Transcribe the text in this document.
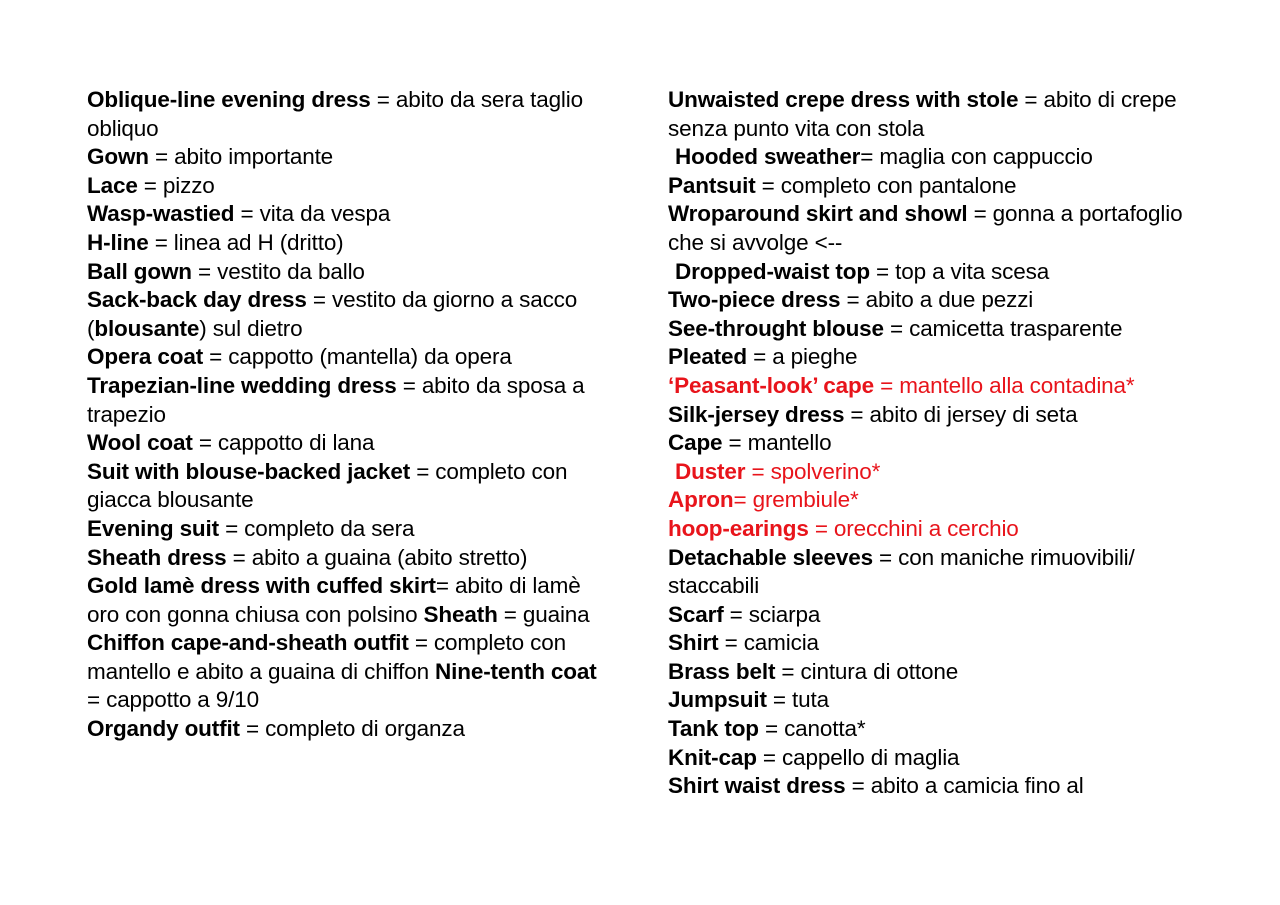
Oblique-line evening dress = abito da sera taglio obliquo

Gown = abito importante

Lace = pizzo

Wasp-wastied = vita da vespa

H-line = linea ad H (dritto)

Ball gown = vestito da ballo

Sack-back day dress = vestito da giorno a sacco (blousante) sul dietro

Opera coat = cappotto (mantella) da opera

Trapezian-line wedding dress = abito da sposa a trapezio

Wool coat = cappotto di lana

Suit with blouse-backed jacket = completo con giacca blousante

Evening suit = completo da sera

Sheath dress = abito a guaina (abito stretto)

Gold lamè dress with cuffed skirt= abito di lamè oro con gonna chiusa con polsino Sheath = guaina

Chiffon cape-and-sheath outfit = completo con mantello e abito a guaina di chiffon Nine-tenth coat = cappotto a 9/10

Organdy outfit = completo di organza

Unwaisted crepe dress with stole = abito di crepe senza punto vita con stola

Hooded sweather= maglia con cappuccio

Pantsuit = completo con pantalone

Wroparound skirt and showl = gonna a portafoglio che si avvolge <--

Dropped-waist top = top a vita scesa

Two-piece dress = abito a due pezzi

See-throught blouse = camicetta trasparente

Pleated = a pieghe

‘Peasant-look’ cape = mantello alla contadina*

Silk-jersey dress = abito di jersey di seta

Cape = mantello

Duster = spolverino*

Apron= grembiule*

hoop-earings = orecchini a cerchio

Detachable sleeves = con maniche rimuovibili/ staccabili

Scarf = sciarpa

Shirt = camicia

Brass belt = cintura di ottone

Jumpsuit = tuta

Tank top = canotta*

Knit-cap = cappello di maglia

Shirt waist dress = abito a camicia fino al
